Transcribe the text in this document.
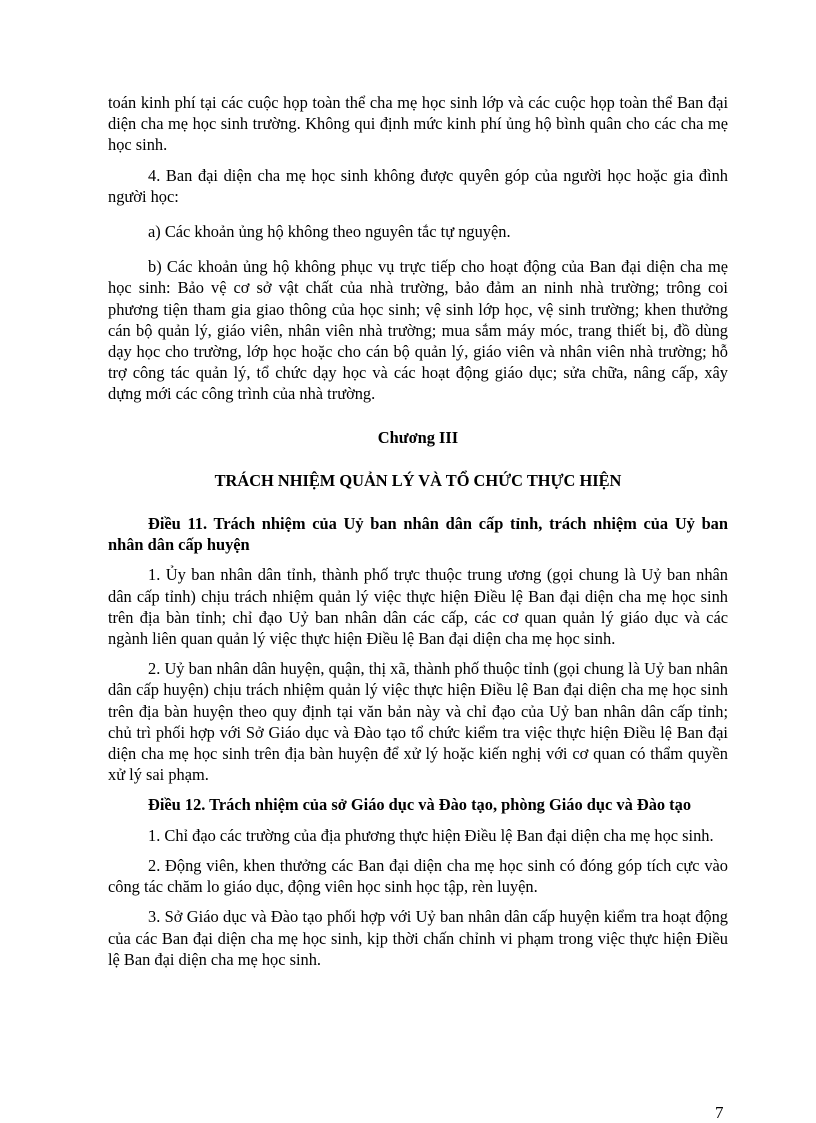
toán kinh phí tại các cuộc họp toàn thể cha mẹ học sinh lớp và các cuộc họp toàn thể Ban đại diện cha mẹ học sinh trường. Không qui định mức kinh phí ủng hộ bình quân cho các cha mẹ học sinh.

4. Ban đại diện cha mẹ học sinh không được quyên góp của người học hoặc gia đình người học:

a) Các khoản ủng hộ không theo nguyên tắc tự nguyện.

b) Các khoản ủng hộ không phục vụ trực tiếp cho hoạt động của Ban đại diện cha mẹ học sinh: Bảo vệ cơ sở vật chất của nhà trường, bảo đảm an ninh nhà trường; trông coi phương tiện tham gia giao thông của học sinh; vệ sinh lớp học, vệ sinh trường; khen thưởng cán bộ quản lý, giáo viên, nhân viên nhà trường; mua sắm máy móc, trang thiết bị, đồ dùng dạy học cho trường, lớp học hoặc cho cán bộ quản lý, giáo viên và nhân viên nhà trường; hỗ trợ công tác quản lý, tổ chức dạy học và các hoạt động giáo dục; sửa chữa, nâng cấp, xây dựng mới các công trình của nhà trường.

Chương III

TRÁCH NHIỆM QUẢN LÝ VÀ TỔ CHỨC THỰC HIỆN

Điều 11. Trách nhiệm của Uỷ ban nhân dân cấp tỉnh, trách nhiệm của Uỷ ban nhân dân cấp huyện

1. Ủy ban nhân dân tỉnh, thành phố trực thuộc trung ương (gọi chung là Uỷ ban nhân dân cấp tỉnh) chịu trách nhiệm quản lý việc thực hiện Điều lệ Ban đại diện cha mẹ học sinh trên địa bàn tỉnh; chỉ đạo Uỷ ban nhân dân các cấp, các cơ quan quản lý giáo dục và các ngành liên quan quản lý việc thực hiện Điều lệ Ban đại diện cha mẹ học sinh.

2. Uỷ ban nhân dân huyện, quận, thị xã, thành phố thuộc tỉnh (gọi chung là Uỷ ban nhân dân cấp huyện) chịu trách nhiệm quản lý việc thực hiện Điều lệ Ban đại diện cha mẹ học sinh trên địa bàn huyện theo quy định tại văn bản này và chỉ đạo của Uỷ ban nhân dân cấp tỉnh; chủ trì phối hợp với Sở Giáo dục và Đào tạo tổ chức kiểm tra việc thực hiện Điều lệ Ban đại diện cha mẹ học sinh trên địa bàn huyện để xử lý hoặc kiến nghị với cơ quan có thẩm quyền xử lý sai phạm.

Điều 12. Trách nhiệm của sở Giáo dục và Đào tạo, phòng Giáo dục và Đào tạo

1. Chỉ đạo các trường của địa phương thực hiện Điều lệ Ban đại diện cha mẹ học sinh.

2. Động viên, khen thưởng các Ban đại diện cha mẹ học sinh có đóng góp tích cực vào công tác chăm lo giáo dục, động viên học sinh học tập, rèn luyện.

3. Sở Giáo dục và Đào tạo phối hợp với Uỷ ban nhân dân cấp huyện kiểm tra hoạt động của các Ban đại diện cha mẹ học sinh, kịp thời chấn chỉnh vi phạm trong việc thực hiện Điều lệ Ban đại diện cha mẹ học sinh.

7
